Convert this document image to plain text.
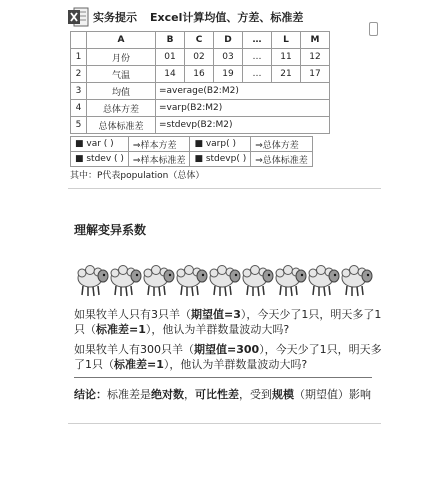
实务提示 Excel计算均值、方差、标准差
	A	B	C	D	…	L	M
1	月份	01	02	03	…	11	12
2	气温	14	16	19	…	21	17
3	均值	=average(B2:M2)					
4	总体方差	=varp(B2:M2)					
5	总体标准差	=stdevp(B2:M2)					
■ var ( )	⇒样本方差	■ varp( )	⇒总体方差
■ stdev ( )	⇒样本标准差	■ stdevp( )	⇒总体标准差
其中：P代表population（总体）
理解变异系数
如果牧羊人只有3只羊（期望值=3），今天少了1只，明天多了1只（标准差=1），他认为羊群数量波动大吗?
如果牧羊人有300只羊（期望值=300），今天少了1只，明天多了1只（标准差=1），他认为羊群数量波动大吗?
结论：标准差是绝对数，可比性差，受到规模（期望值）影响
